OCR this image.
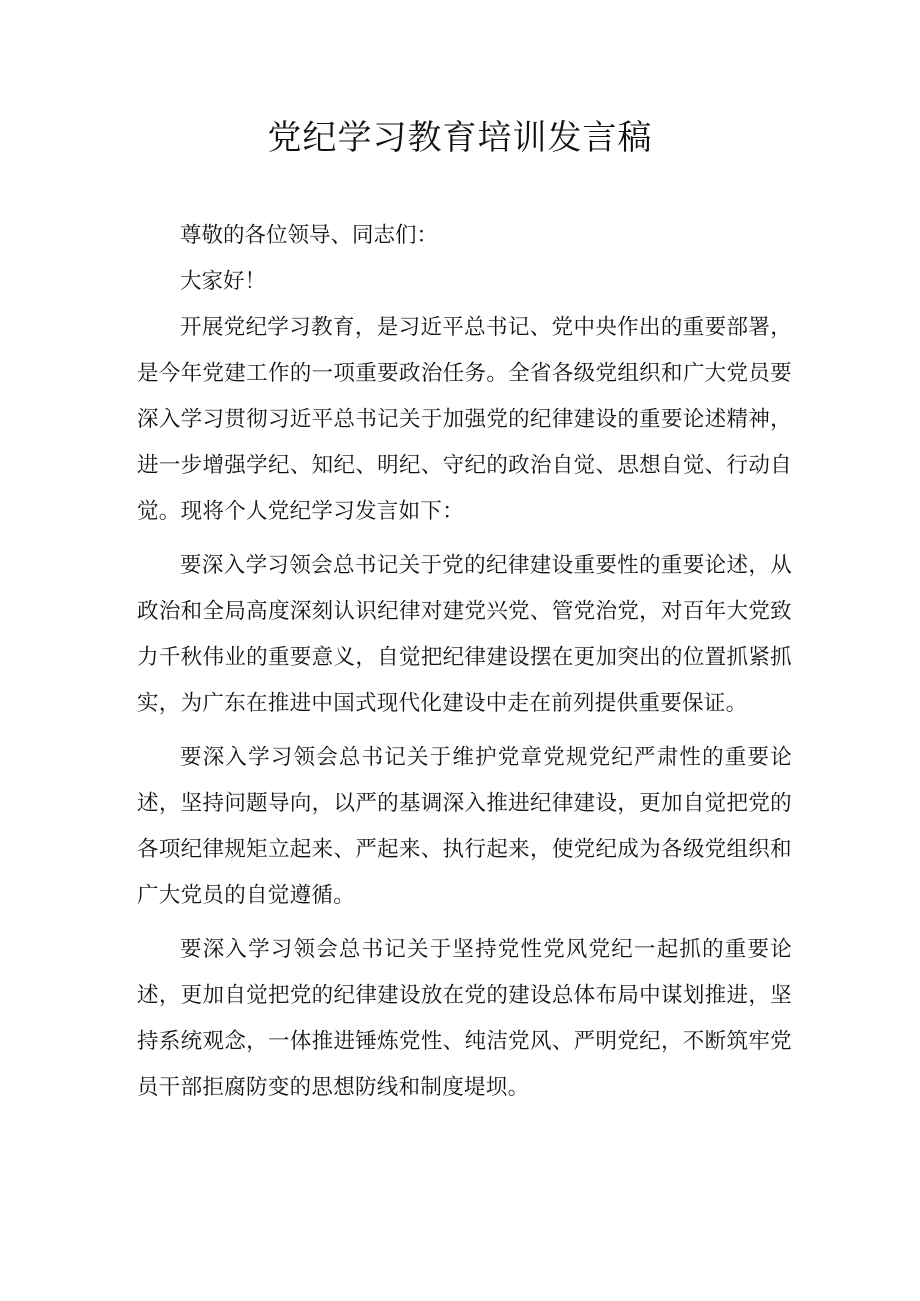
党纪学习教育培训发言稿

尊敬的各位领导、同志们：

大家好！

开展党纪学习教育，是习近平总书记、党中央作出的重要部署，是今年党建工作的一项重要政治任务。全省各级党组织和广大党员要深入学习贯彻习近平总书记关于加强党的纪律建设的重要论述精神，进一步增强学纪、知纪、明纪、守纪的政治自觉、思想自觉、行动自觉。现将个人党纪学习发言如下：

要深入学习领会总书记关于党的纪律建设重要性的重要论述，从政治和全局高度深刻认识纪律对建党兴党、管党治党，对百年大党致力千秋伟业的重要意义，自觉把纪律建设摆在更加突出的位置抓紧抓实，为广东在推进中国式现代化建设中走在前列提供重要保证。

要深入学习领会总书记关于维护党章党规党纪严肃性的重要论述，坚持问题导向，以严的基调深入推进纪律建设，更加自觉把党的各项纪律规矩立起来、严起来、执行起来，使党纪成为各级党组织和广大党员的自觉遵循。

要深入学习领会总书记关于坚持党性党风党纪一起抓的重要论述，更加自觉把党的纪律建设放在党的建设总体布局中谋划推进，坚持系统观念，一体推进锤炼党性、纯洁党风、严明党纪，不断筑牢党员干部拒腐防变的思想防线和制度堤坝。
